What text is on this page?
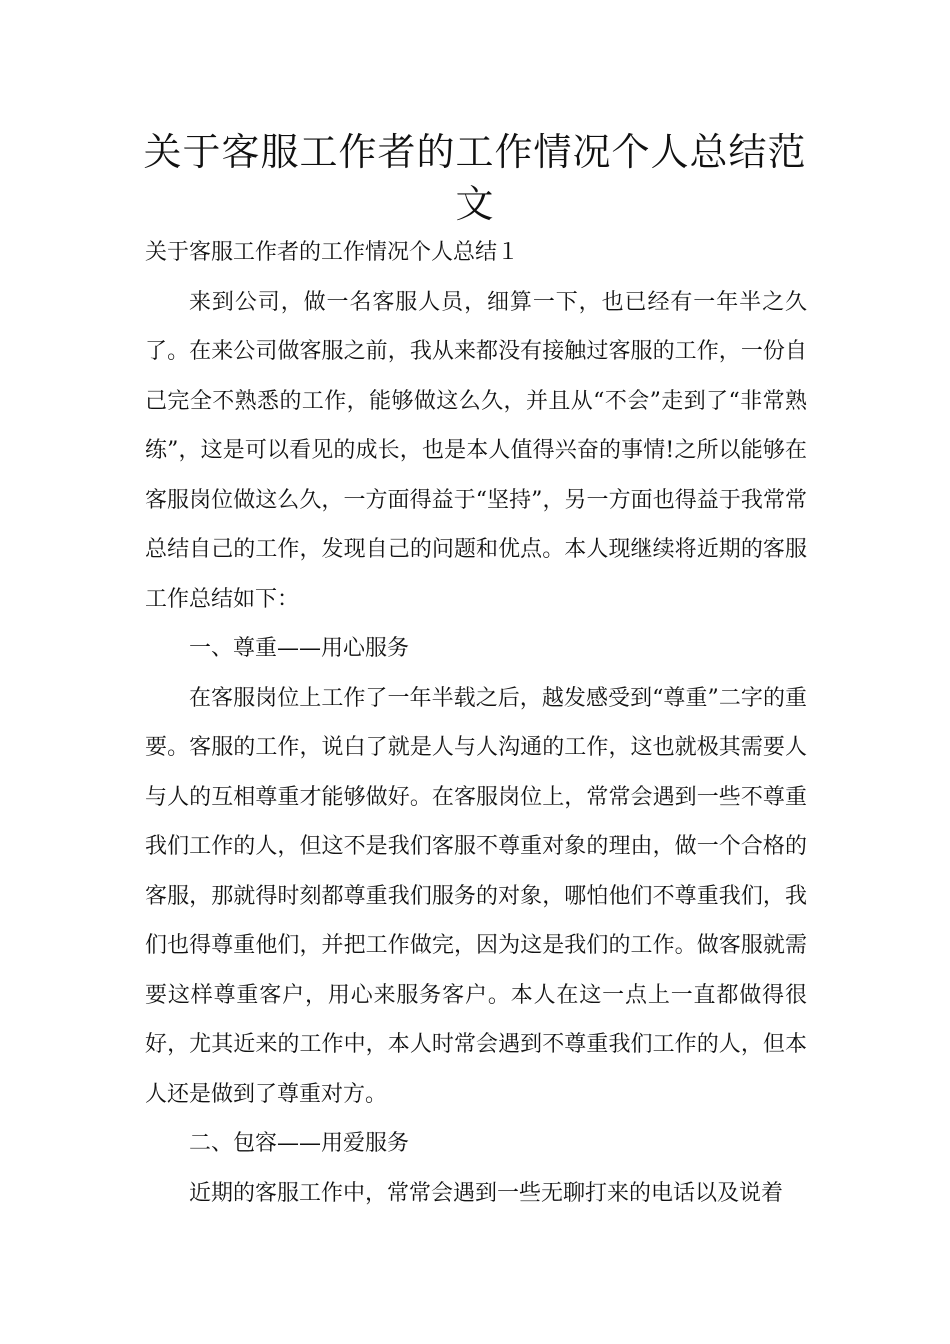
关于客服工作者的工作情况个人总结范文

关于客服工作者的工作情况个人总结１

来到公司，做一名客服人员，细算一下，也已经有一年半之久了。在来公司做客服之前，我从来都没有接触过客服的工作，一份自己完全不熟悉的工作，能够做这么久，并且从“不会”走到了“非常熟练”，这是可以看见的成长，也是本人值得兴奋的事情!之所以能够在客服岗位做这么久，一方面得益于“坚持”，另一方面也得益于我常常总结自己的工作，发现自己的问题和优点。本人现继续将近期的客服工作总结如下：

一、尊重——用心服务

在客服岗位上工作了一年半载之后，越发感受到“尊重”二字的重要。客服的工作，说白了就是人与人沟通的工作，这也就极其需要人与人的互相尊重才能够做好。在客服岗位上，常常会遇到一些不尊重我们工作的人，但这不是我们客服不尊重对象的理由，做一个合格的客服，那就得时刻都尊重我们服务的对象，哪怕他们不尊重我们，我们也得尊重他们，并把工作做完，因为这是我们的工作。做客服就需要这样尊重客户，用心来服务客户。本人在这一点上一直都做得很好，尤其近来的工作中，本人时常会遇到不尊重我们工作的人，但本人还是做到了尊重对方。

二、包容——用爱服务

近期的客服工作中，常常会遇到一些无聊打来的电话以及说着
